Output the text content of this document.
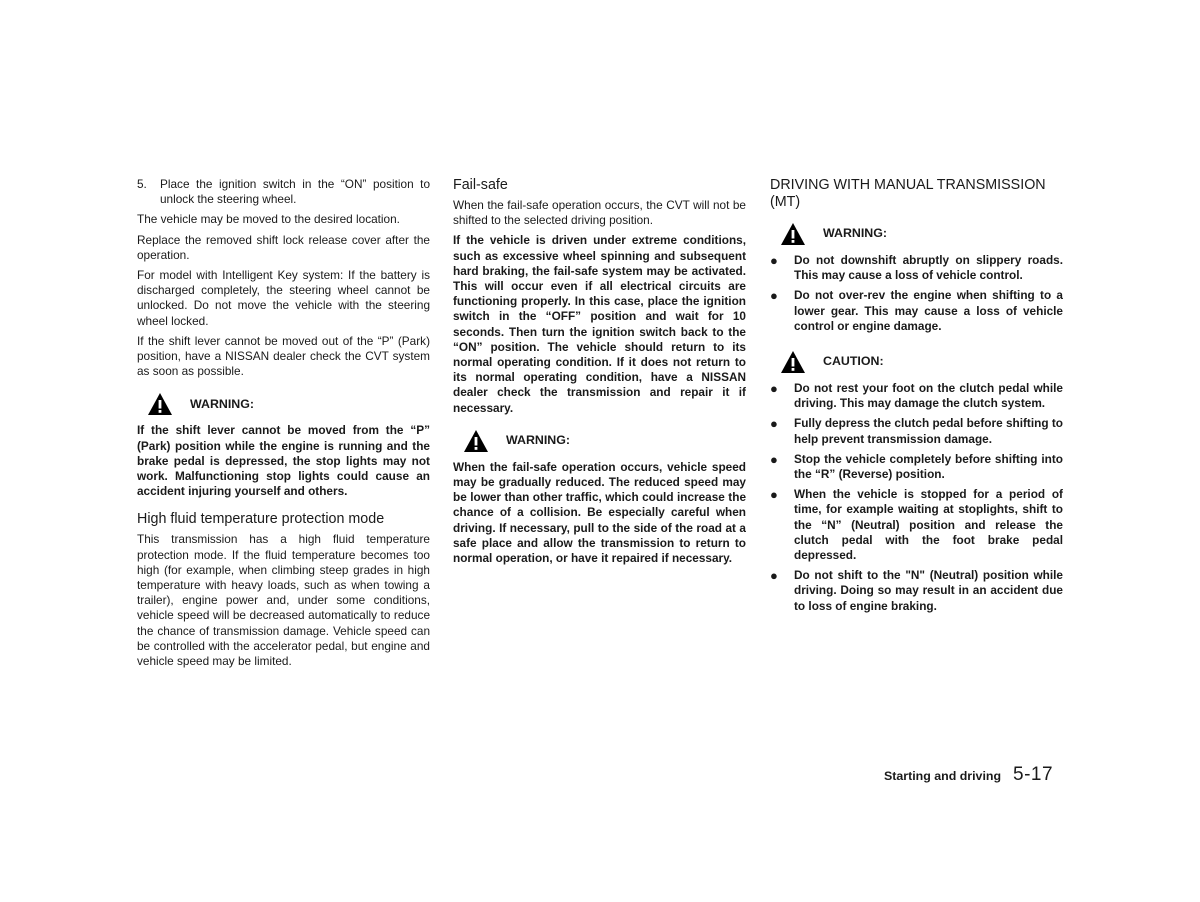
5.	Place the ignition switch in the “ON” position to unlock the steering wheel.

The vehicle may be moved to the desired location.

Replace the removed shift lock release cover after the operation.

For model with Intelligent Key system: If the battery is discharged completely, the steering wheel cannot be unlocked. Do not move the vehicle with the steering wheel locked.

If the shift lever cannot be moved out of the “P” (Park) position, have a NISSAN dealer check the CVT system as soon as possible.

WARNING:

If the shift lever cannot be moved from the “P” (Park) position while the engine is running and the brake pedal is depressed, the stop lights may not work. Malfunctioning stop lights could cause an accident injuring yourself and others.

High fluid temperature protection mode

This transmission has a high fluid temperature protection mode. If the fluid temperature becomes too high (for example, when climbing steep grades in high temperature with heavy loads, such as when towing a trailer), engine power and, under some conditions, vehicle speed will be decreased automatically to reduce the chance of transmission damage. Vehicle speed can be controlled with the accelerator pedal, but engine and vehicle speed may be limited.

Fail-safe

When the fail-safe operation occurs, the CVT will not be shifted to the selected driving position.

If the vehicle is driven under extreme conditions, such as excessive wheel spinning and subsequent hard braking, the fail-safe system may be activated. This will occur even if all electrical circuits are functioning properly. In this case, place the ignition switch in the “OFF” position and wait for 10 seconds. Then turn the ignition switch back to the “ON” position. The vehicle should return to its normal operating condition. If it does not return to its normal operating condition, have a NISSAN dealer check the transmission and repair it if necessary.

WARNING:

When the fail-safe operation occurs, vehicle speed may be gradually reduced. The reduced speed may be lower than other traffic, which could increase the chance of a collision. Be especially careful when driving. If necessary, pull to the side of the road at a safe place and allow the transmission to return to normal operation, or have it repaired if necessary.

DRIVING WITH MANUAL TRANSMISSION (MT)
WARNING:
●	Do not downshift abruptly on slippery roads. This may cause a loss of vehicle control.
●	Do not over-rev the engine when shifting to a lower gear. This may cause a loss of vehicle control or engine damage.
CAUTION:
●	Do not rest your foot on the clutch pedal while driving. This may damage the clutch system.
●	Fully depress the clutch pedal before shifting to help prevent transmission damage.
●	Stop the vehicle completely before shifting into the “R” (Reverse) position.
●	When the vehicle is stopped for a period of time, for example waiting at stoplights, shift to the “N” (Neutral) position and release the clutch pedal with the foot brake pedal depressed.
●	Do not shift to the "N" (Neutral) position while driving. Doing so may result in an accident due to loss of engine braking.
Starting and driving 5-17
